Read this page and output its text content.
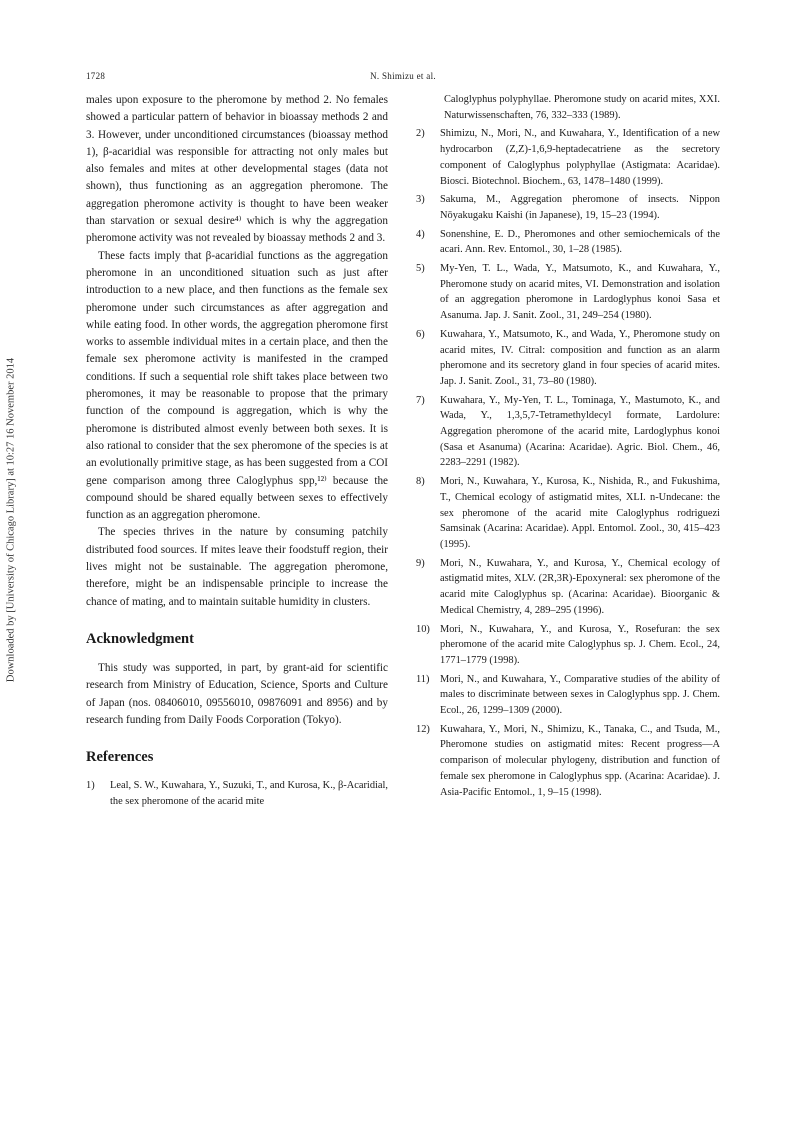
Downloaded by [University of Chicago Library] at 10:27 16 November 2014
1728	N. Shimizu et al.

males upon exposure to the pheromone by method 2. No females showed a particular pattern of behavior in bioassay methods 2 and 3. However, under unconditioned circumstances (bioassay method 1), β-acaridial was responsible for attracting not only males but also females and mites at other developmental stages (data not shown), thus functioning as an aggregation pheromone. The aggregation pheromone activity is thought to have been weaker than starvation or sexual desire⁴⁾ which is why the aggregation pheromone activity was not revealed by bioassay methods 2 and 3.

These facts imply that β-acaridial functions as the aggregation pheromone in an unconditioned situation such as just after introduction to a new place, and then functions as the female sex pheromone under such circumstances as after aggregation and while eating food. In other words, the aggregation pheromone first works to assemble individual mites in a certain place, and then the female sex pheromone activity is manifested in the cramped conditions. If such a sequential role shift takes place between two pheromones, it may be reasonable to propose that the primary function of the compound is aggregation, which is why the pheromone is distributed almost evenly between both sexes. It is also rational to consider that the sex pheromone of the species is at an evolutionally primitive stage, as has been suggested from a COI gene comparison among three Caloglyphus spp,¹²⁾ because the compound should be shared equally between sexes to effectively function as an aggregation pheromone.

The species thrives in the nature by consuming patchily distributed food sources. If mites leave their foodstuff region, their lives might not be sustainable. The aggregation pheromone, therefore, might be an indispensable principle to increase the chance of mating, and to maintain suitable humidity in clusters.

Acknowledgment

This study was supported, in part, by grant-aid for scientific research from Ministry of Education, Science, Sports and Culture of Japan (nos. 08406010, 09556010, 09876091 and 8956) and by research funding from Daily Foods Corporation (Tokyo).

References
1)	Leal, S. W., Kuwahara, Y., Suzuki, T., and Kurosa, K., β-Acaridial, the sex pheromone of the acarid mite
Caloglyphus polyphyllae. Pheromone study on acarid mites, XXI. Naturwissenschaften, 76, 332–333 (1989).
2)	Shimizu, N., Mori, N., and Kuwahara, Y., Identification of a new hydrocarbon (Z,Z)-1,6,9-heptadecatriene as the secretory component of Caloglyphus polyphyllae (Astigmata: Acaridae). Biosci. Biotechnol. Biochem., 63, 1478–1480 (1999).
3)	Sakuma, M., Aggregation pheromone of insects. Nippon Nōyakugaku Kaishi (in Japanese), 19, 15–23 (1994).
4)	Sonenshine, E. D., Pheromones and other semiochemicals of the acari. Ann. Rev. Entomol., 30, 1–28 (1985).
5)	My-Yen, T. L., Wada, Y., Matsumoto, K., and Kuwahara, Y., Pheromone study on acarid mites, VI. Demonstration and isolation of an aggregation pheromone in Lardoglyphus konoi Sasa et Asanuma. Jap. J. Sanit. Zool., 31, 249–254 (1980).
6)	Kuwahara, Y., Matsumoto, K., and Wada, Y., Pheromone study on acarid mites, IV. Citral: composition and function as an alarm pheromone and its secretory gland in four species of acarid mites. Jap. J. Sanit. Zool., 31, 73–80 (1980).
7)	Kuwahara, Y., My-Yen, T. L., Tominaga, Y., Mastumoto, K., and Wada, Y., 1,3,5,7-Tetramethyldecyl formate, Lardolure: Aggregation pheromone of the acarid mite, Lardoglyphus konoi (Sasa et Asanuma) (Acarina: Acaridae). Agric. Biol. Chem., 46, 2283–2291 (1982).
8)	Mori, N., Kuwahara, Y., Kurosa, K., Nishida, R., and Fukushima, T., Chemical ecology of astigmatid mites, XLI. n-Undecane: the sex pheromone of the acarid mite Caloglyphus rodriguezi Samsinak (Acarina: Acaridae). Appl. Entomol. Zool., 30, 415–423 (1995).
9)	Mori, N., Kuwahara, Y., and Kurosa, Y., Chemical ecology of astigmatid mites, XLV. (2R,3R)-Epoxyneral: sex pheromone of the acarid mite Caloglyphus sp. (Acarina: Acaridae). Bioorganic & Medical Chemistry, 4, 289–295 (1996).
10) Mori, N., Kuwahara, Y., and Kurosa, Y., Rosefuran: the sex pheromone of the acarid mite Caloglyphus sp. J. Chem. Ecol., 24, 1771–1779 (1998).
11)	Mori, N., and Kuwahara, Y., Comparative studies of the ability of males to discriminate between sexes in Caloglyphus spp. J. Chem. Ecol., 26, 1299–1309 (2000).
12) Kuwahara, Y., Mori, N., Shimizu, K., Tanaka, C., and Tsuda, M., Pheromone studies on astigmatid mites: Recent progress—A comparison of molecular phylogeny, distribution and function of female sex pheromone in Caloglyphus spp. (Acarina: Acaridae). J. Asia-Pacific Entomol., 1, 9–15 (1998).
